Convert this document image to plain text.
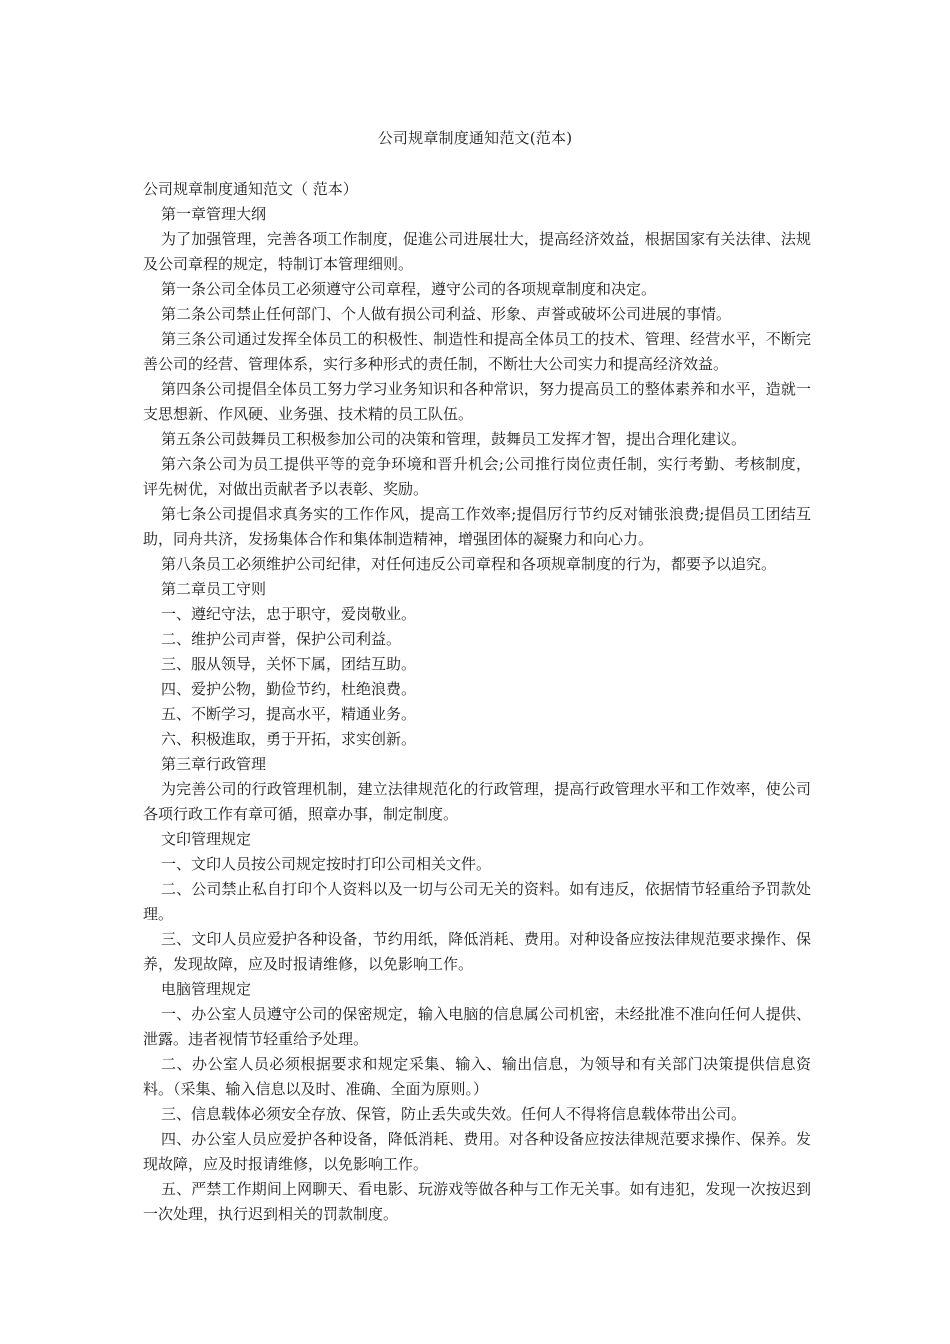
公司规章制度通知范文(范本)

公司规章制度通知范文（ 范本）

第一章管理大纲

为了加强管理，完善各项工作制度，促進公司进展壮大，提高经济效益，根据国家有关法律、法规及公司章程的规定，特制订本管理细则。

第一条公司全体员工必须遵守公司章程，遵守公司的各项规章制度和决定。

第二条公司禁止任何部门、个人做有损公司利益、形象、声誉或破坏公司进展的事情。

第三条公司通过发挥全体员工的积极性、制造性和提高全体员工的技术、管理、经营水平，不断完善公司的经营、管理体系，实行多种形式的责任制，不断壮大公司实力和提高经济效益。

第四条公司提倡全体员工努力学习业务知识和各种常识，努力提高员工的整体素养和水平，造就一支思想新、作风硬、业务强、技术精的员工队伍。

第五条公司鼓舞员工积极参加公司的决策和管理，鼓舞员工发挥才智，提出合理化建议。

第六条公司为员工提供平等的竞争环境和晋升机会;公司推行岗位责任制，实行考勤、考核制度，评先树优，对做出贡献者予以表彰、奖励。

第七条公司提倡求真务实的工作作风，提高工作效率;提倡厉行节约反对铺张浪费;提倡员工团结互助，同舟共济，发扬集体合作和集体制造精神，增强团体的凝聚力和向心力。

第八条员工必须维护公司纪律，对任何违反公司章程和各项规章制度的行为，都要予以追究。

第二章员工守则

一、遵纪守法，忠于职守，爱岗敬业。

二、维护公司声誉，保护公司利益。

三、服从领导，关怀下属，团结互助。

四、爱护公物，勤俭节约，杜绝浪费。

五、不断学习，提高水平，精通业务。

六、积极進取，勇于开拓，求实创新。

第三章行政管理

为完善公司的行政管理机制，建立法律规范化的行政管理，提高行政管理水平和工作效率，使公司各项行政工作有章可循，照章办事，制定制度。

文印管理规定

一、文印人员按公司规定按时打印公司相关文件。

二、公司禁止私自打印个人资料以及一切与公司无关的资料。如有违反，依据情节轻重给予罚款处理。

三、文印人员应爱护各种设备，节约用纸，降低消耗、费用。对种设备应按法律规范要求操作、保养，发现故障，应及时报请维修，以免影响工作。

电脑管理规定

一、办公室人员遵守公司的保密规定，输入电脑的信息属公司机密，未经批准不准向任何人提供、泄露。违者视情节轻重给予处理。

二、办公室人员必须根据要求和规定采集、输入、输出信息，为领导和有关部门决策提供信息资料。（采集、输入信息以及时、准确、全面为原则。）

三、信息载体必须安全存放、保管，防止丢失或失效。任何人不得将信息载体带出公司。

四、办公室人员应爱护各种设备，降低消耗、费用。对各种设备应按法律规范要求操作、保养。发现故障，应及时报请维修，以免影响工作。

五、严禁工作期间上网聊天、看电影、玩游戏等做各种与工作无关事。如有违犯，发现一次按迟到一次处理，执行迟到相关的罚款制度。
